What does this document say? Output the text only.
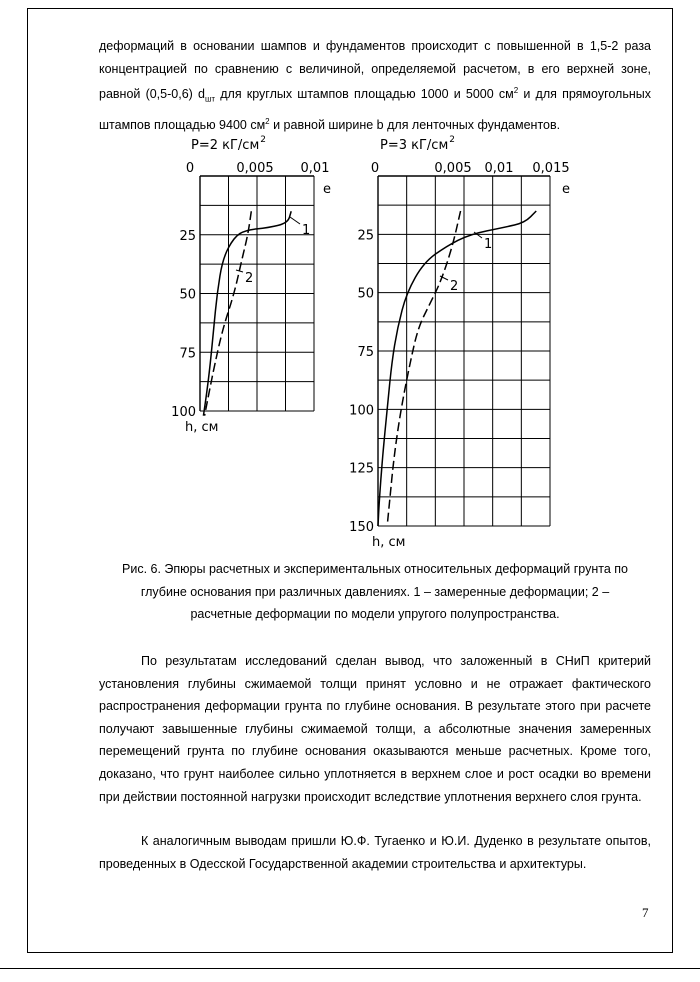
деформаций в основании шампов и фундаментов происходит с повышенной в 1,5-2 раза концентрацией по сравнению с величиной, определяемой расчетом, в его верхней зоне, равной (0,5-0,6) $d_{шт}$ для круглых штампов площадью 1000 и 5000 $см^2$ и для прямоугольных штампов площадью 9400 $см^2$ и равной ширине b для ленточных фундаментов.

P=2 кГ/см 2
0	0,005 0,01
25
50
75
100
e
h, см
1
2
P=3 кГ/см 2
0	0,005 0,01 0,015
25
50
75
100
125
150
e
h, см
1
2
Рис. 6. Эпюры расчетных и экспериментальных относительных деформаций грунта по
глубине основания при различных давлениях. 1 – замеренные деформации; 2 –
расчетные деформации по модели упругого полупространства.

По результатам исследований сделан вывод, что заложенный в СНиП критерий установления глубины сжимаемой толщи принят условно и не отражает фактического распространения деформации грунта по глубине основания. В результате этого при расчете получают завышенные глубины сжимаемой толщи, а абсолютные значения замеренных перемещений грунта по глубине основания оказываются меньше расчетных. Кроме того, доказано, что грунт наиболее сильно уплотняется в верхнем слое и рост осадки во времени при действии постоянной нагрузки происходит вследствие уплотнения верхнего слоя грунта.

К аналогичным выводам пришли Ю.Ф. Тугаенко и Ю.И. Дуденко в результате опытов, проведенных в Одесской Государственной академии строительства и архитектуры.

7
